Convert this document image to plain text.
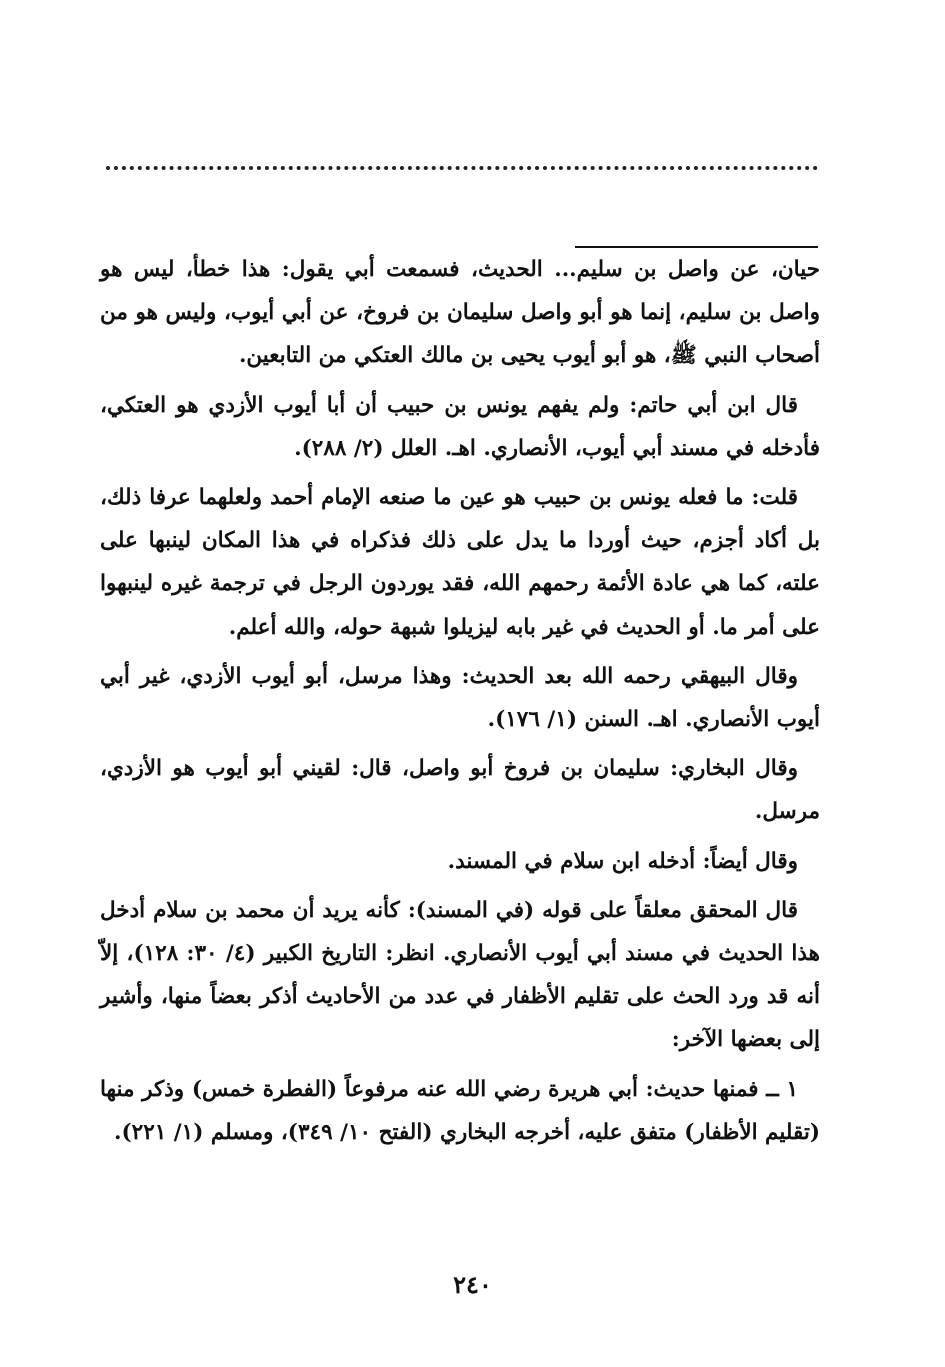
حيان، عن واصل بن سليم... الحديث، فسمعت أبي يقول: هذا خطأ، ليس هو واصل بن سليم، إنما هو أبو واصل سليمان بن فروخ، عن أبي أيوب، وليس هو من أصحاب النبي ﷺ، هو أبو أيوب يحيى بن مالك العتكي من التابعين.

قال ابن أبي حاتم: ولم يفهم يونس بن حبيب أن أبا أيوب الأزدي هو العتكي، فأدخله في مسند أبي أيوب، الأنصاري. اهـ. العلل (٢/ ٢٨٨).

قلت: ما فعله يونس بن حبيب هو عين ما صنعه الإمام أحمد ولعلهما عرفا ذلك، بل أكاد أجزم، حيث أوردا ما يدل على ذلك فذكراه في هذا المكان لينبها على علته، كما هي عادة الأئمة رحمهم الله، فقد يوردون الرجل في ترجمة غيره لينبهوا على أمر ما. أو الحديث في غير بابه ليزيلوا شبهة حوله، والله أعلم.

وقال البيهقي رحمه الله بعد الحديث: وهذا مرسل، أبو أيوب الأزدي، غير أبي أيوب الأنصاري. اهـ. السنن (١/ ١٧٦).

وقال البخاري: سليمان بن فروخ أبو واصل، قال: لقيني أبو أيوب هو الأزدي، مرسل.

وقال أيضاً: أدخله ابن سلام في المسند.

قال المحقق معلقاً على قوله (في المسند): كأنه يريد أن محمد بن سلام أدخل هذا الحديث في مسند أبي أيوب الأنصاري. انظر: التاريخ الكبير (٤/ ٣٠: ١٢٨)، إلاّ أنه قد ورد الحث على تقليم الأظفار في عدد من الأحاديث أذكر بعضاً منها، وأشير إلى بعضها الآخر:

١ ــ فمنها حديث: أبي هريرة رضي الله عنه مرفوعاً (الفطرة خمس) وذكر منها (تقليم الأظفار) متفق عليه، أخرجه البخاري (الفتح ١٠/ ٣٤٩)، ومسلم (١/ ٢٢١).

٢٤٠
